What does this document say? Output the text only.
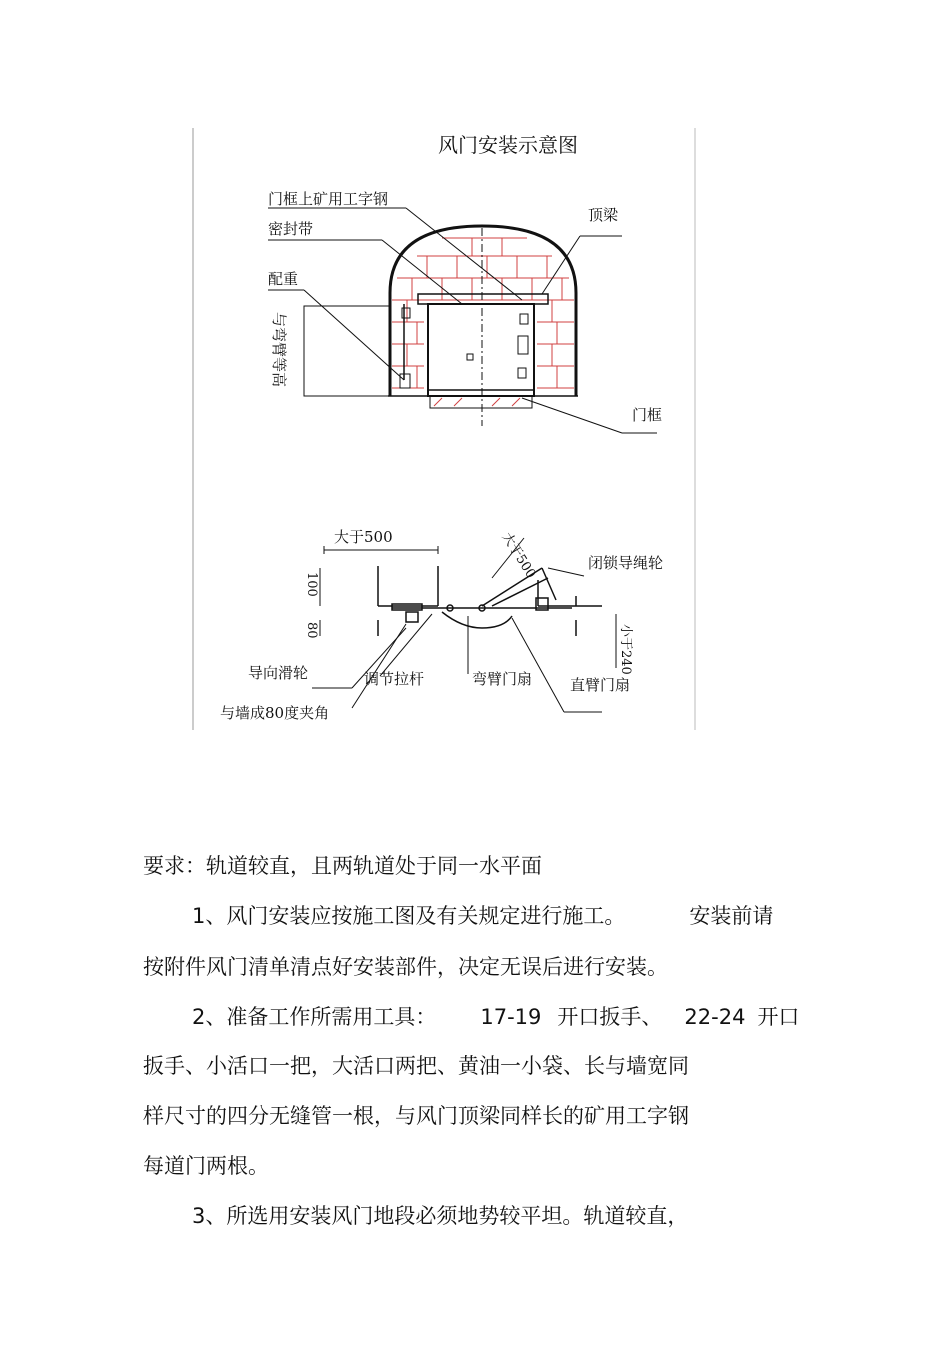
风门安装示意图
门框上矿用工字钢
密封带
配重
顶梁
与弯臂等高
门框
大于500	大于500	闭锁导绳轮
100
80	小于240
导向滑轮	调节拉杆	弯臂门扇	直臂门扇
与墙成80度夹角
要求：轨道较直，且两轨道处于同一水平面
1、风门安装应按施工图及有关规定进行施工。	安装前请
按附件风门清单清点好安装部件，决定无误后进行安装。
2、准备工作所需用工具： 17-19 开口扳手、 22-24 开口
扳手、小活口一把，大活口两把、黄油一小袋、长与墙宽同
样尺寸的四分无缝管一根，与风门顶梁同样长的矿用工字钢
每道门两根。
3、所选用安装风门地段必须地势较平坦。轨道较直，
